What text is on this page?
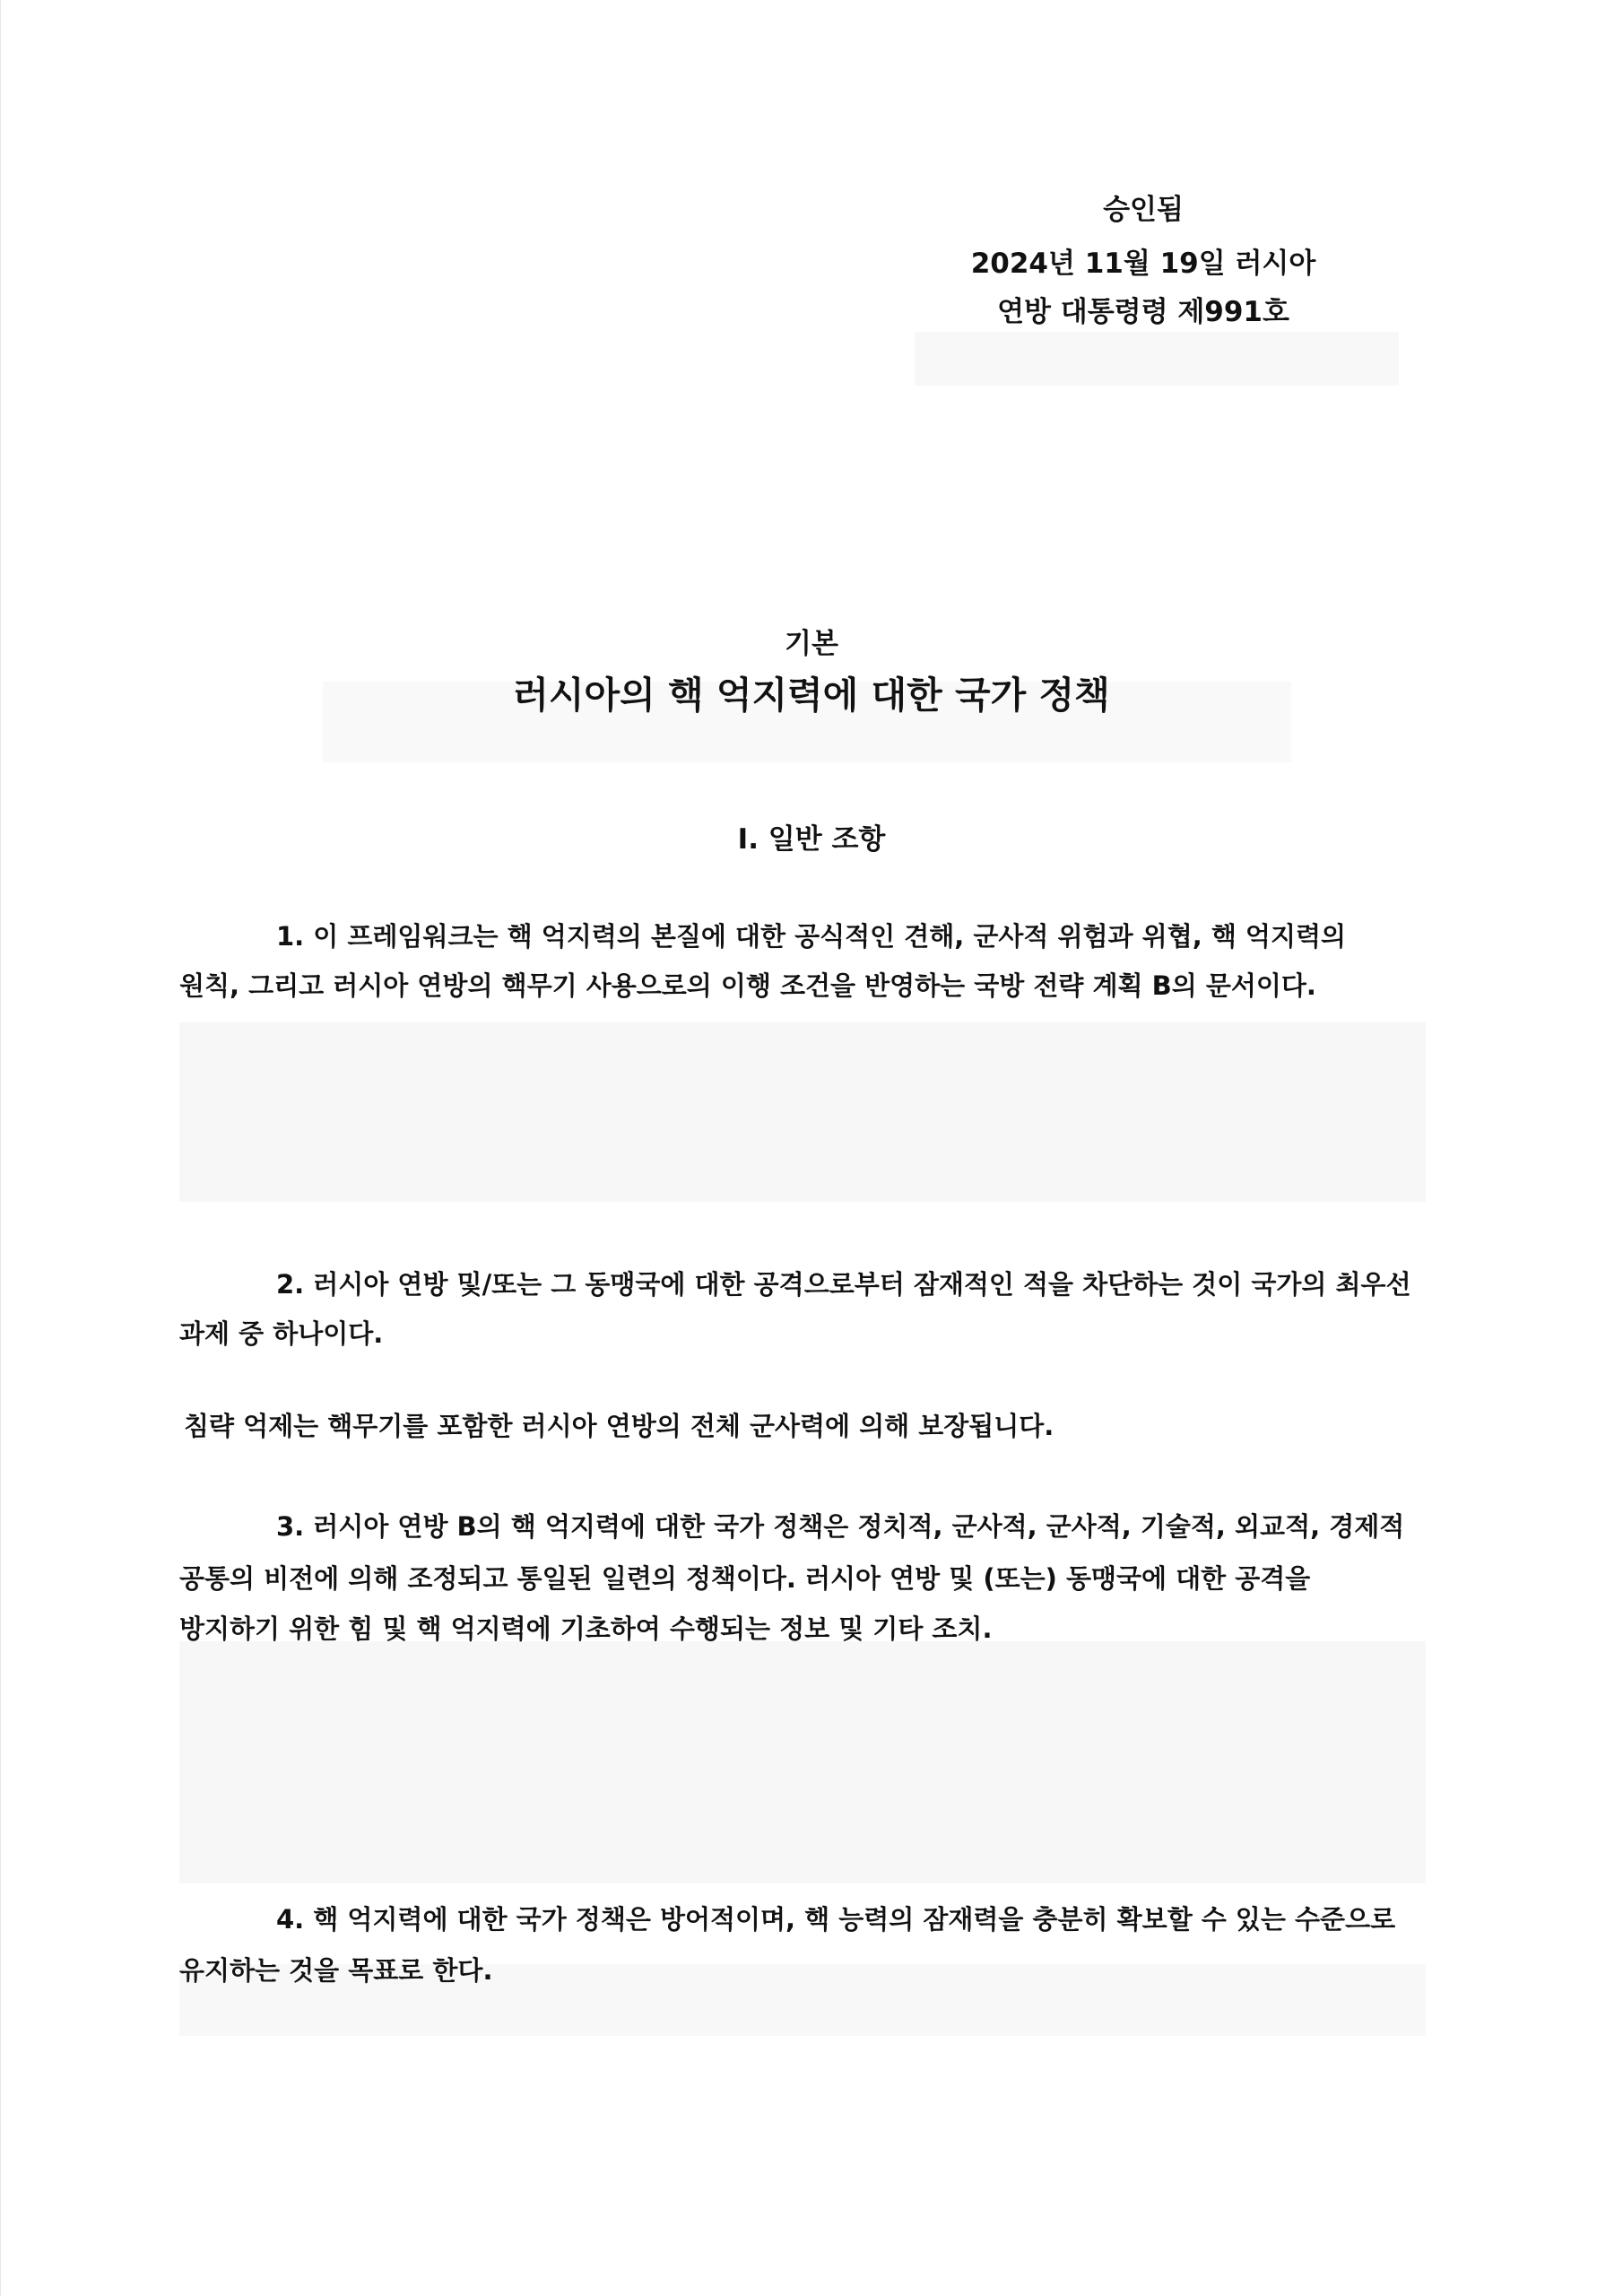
승인됨

2024년 11월 19일 러시아

연방 대통령령 제991호

기본

러시아의 핵 억지력에 대한 국가 정책

I. 일반 조항

1. 이 프레임워크는 핵 억지력의 본질에 대한 공식적인 견해, 군사적 위험과 위협, 핵 억지력의

원칙, 그리고 러시아 연방의 핵무기 사용으로의 이행 조건을 반영하는 국방 전략 계획 B의 문서이다.

2. 러시아 연방 및/또는 그 동맹국에 대한 공격으로부터 잠재적인 적을 차단하는 것이 국가의 최우선

과제 중 하나이다.

침략 억제는 핵무기를 포함한 러시아 연방의 전체 군사력에 의해 보장됩니다.

3. 러시아 연방 B의 핵 억지력에 대한 국가 정책은 정치적, 군사적, 군사적, 기술적, 외교적, 경제적

공통의 비전에 의해 조정되고 통일된 일련의 정책이다. 러시아 연방 및 (또는) 동맹국에 대한 공격을

방지하기 위한 힘 및 핵 억지력에 기초하여 수행되는 정보 및 기타 조치.

4. 핵 억지력에 대한 국가 정책은 방어적이며, 핵 능력의 잠재력을 충분히 확보할 수 있는 수준으로

유지하는 것을 목표로 한다.
